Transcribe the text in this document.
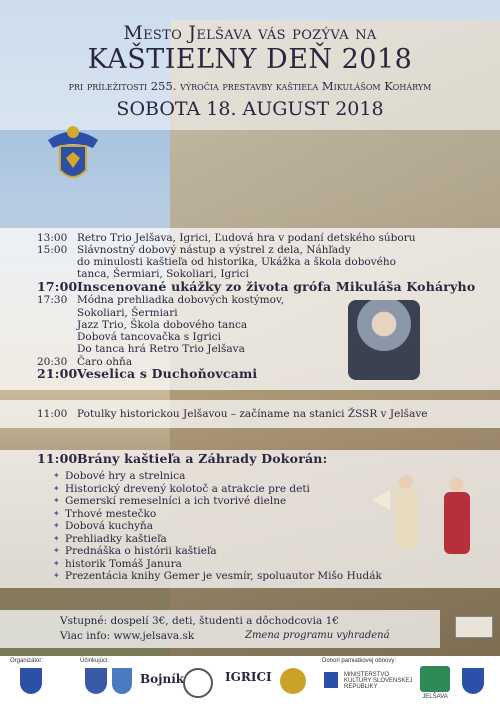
Mesto Jelšava vás pozýva na
KAŠTIEĽNY DEŇ 2018
pri príležitosti 255. výročia prestavby kaštieľa Mikulášom Kohárym
SOBOTA 18. AUGUST 2018
13:00 Retro Trio Jelšava, Igrici, Ľudová hra v podaní detského súboru
15:00 Slávnostný dobový nástup a výstrel z dela, Náhľady
do minulosti kaštieľa od historika, Ukážka a škola dobového
tanca, Šermiari, Sokoliari, Igrici
17:00Inscenované ukážky zo života grófa Mikuláša Koháryho
17:30 Módna prehliadka dobových kostýmov,
Sokoliari, Šermiari
Jazz Trio, Škola dobového tanca
Dobová tancovačka s Igrici
Do tanca hrá Retro Trio Jelšava
20:30 Čaro ohňa
21:00Veselica s Duchoňovcami
11:00 Potulky historickou Jelšavou – začíname na stanici ŽSSR v Jelšave
11:00Brány kaštieľa a Záhrady Dokorán:
✦ Dobové hry a strelnica
✦ Historický drevený kolotoč a atrakcie pre deti
✦ Gemerskí remeselníci a ich tvorivé dielne
✦ Trhové mestečko
✦ Dobová kuchyňa
✦ Prehliadky kaštieľa
✦ Prednáška o histórii kaštieľa
✦ historik Tomáš Janura
✦ Prezentácia knihy Gemer je vesmír, spoluautor Mišo Hudák
Vstupné: dospelí 3€, deti, študenti a dôchodcovia 1€
Viac info: www.jelsava.sk	Zmena programu vyhradená
Organizátor:	Účinkujúci:
Bojník	IGRICI
Donori pamiatkovej obnovy:
MINISTERSTVO KULTÚRY SLOVENSKEJ REPUBLIKY
JELŠAVA
